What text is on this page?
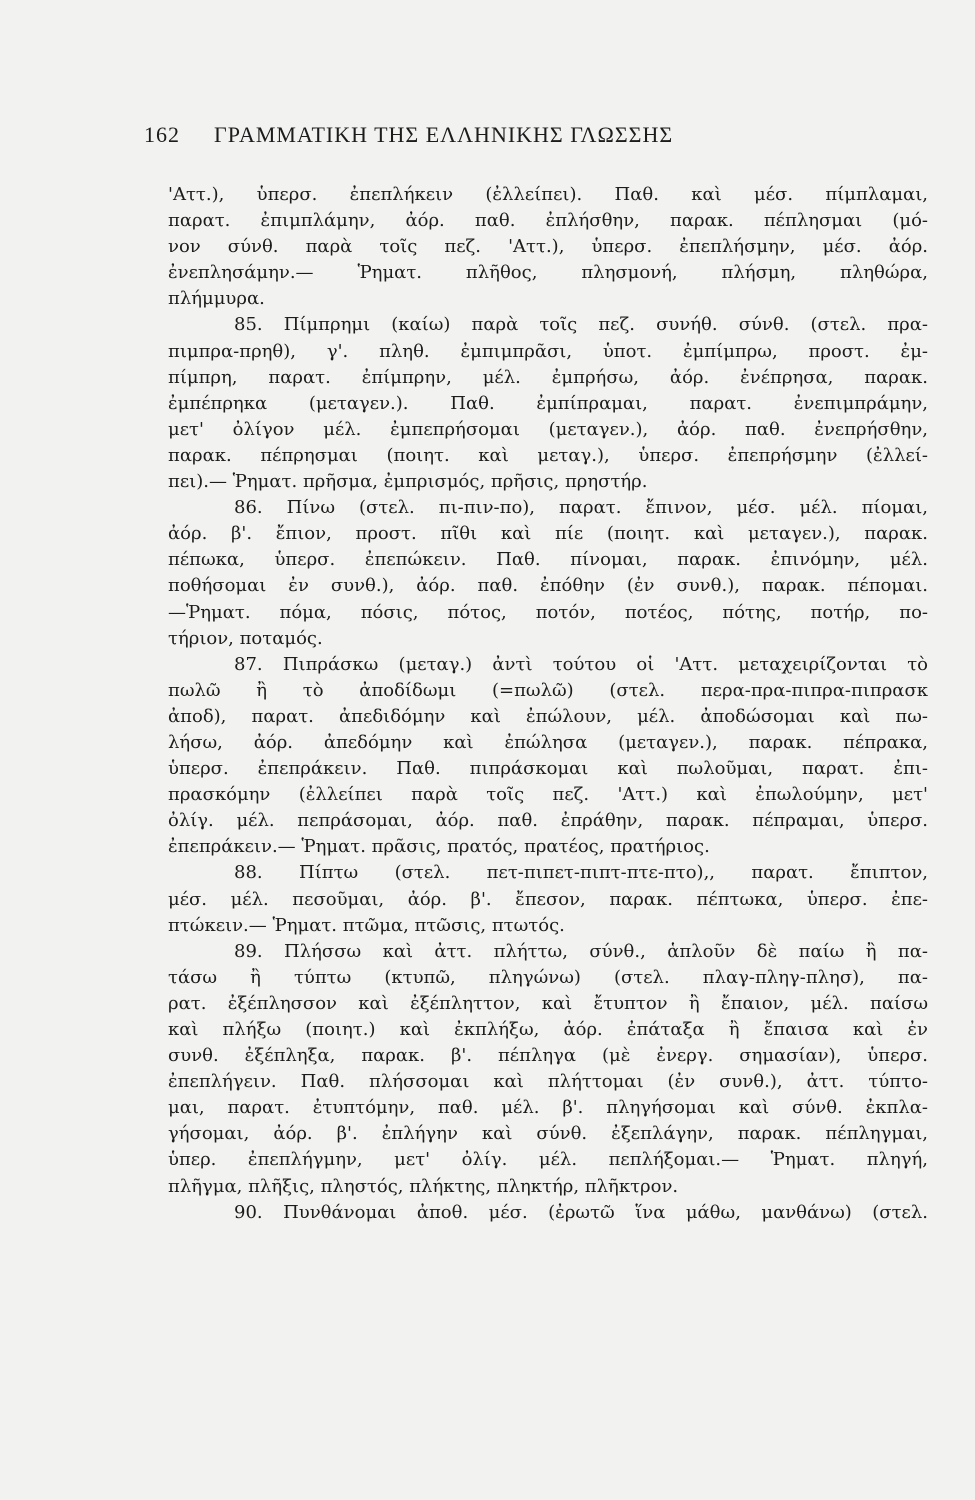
162 ΓΡΑΜΜΑΤΙΚΗ ΤΗΣ ΕΛΛΗΝΙΚΗΣ ΓΛΩΣΣΗΣ
'Αττ.), ὑπερσ. ἐπεπλήκειν (ἐλλείπει). Παθ. καὶ μέσ. πίμπλαμαι,
παρατ. ἐπιμπλάμην, ἀόρ. παθ. ἐπλήσθην, παρακ. πέπλησμαι (μό-
νον σύνθ. παρὰ τοῖς πεζ. 'Αττ.), ὑπερσ. ἐπεπλήσμην, μέσ. ἀόρ.
ἐνεπλησάμην.— Ῥηματ. πλῆθος, πλησμονή, πλήσμη, πληθώρα,
πλήμμυρα.
85. Πίμπρημι (καίω) παρὰ τοῖς πεζ. συνήθ. σύνθ. (στελ. πρα-
πιμπρα-πρηθ), γ'. πληθ. ἐμπιμπρᾶσι, ὑποτ. ἐμπίμπρω, προστ. ἐμ-
πίμπρη, παρατ. ἐπίμπρην, μέλ. ἐμπρήσω, ἀόρ. ἐνέπρησα, παρακ.
ἐμπέπρηκα (μεταγεν.). Παθ. ἐμπίπραμαι, παρατ. ἐνεπιμπράμην,
μετ' ὀλίγον μέλ. ἐμπεπρήσομαι (μεταγεν.), ἀόρ. παθ. ἐνεπρήσθην,
παρακ. πέπρησμαι (ποιητ. καὶ μεταγ.), ὑπερσ. ἐπεπρήσμην (ἐλλεί-
πει).— Ῥηματ. πρῆσμα, ἐμπρισμός, πρῆσις, πρηστήρ.
86. Πίνω (στελ. πι-πιν-πο), παρατ. ἔπινον, μέσ. μέλ. πίομαι,
ἀόρ. β'. ἔπιον, προστ. πῖθι καὶ πίε (ποιητ. καὶ μεταγεν.), παρακ.
πέπωκα, ὑπερσ. ἐπεπώκειν. Παθ. πίνομαι, παρακ. ἐπινόμην, μέλ.
ποθήσομαι ἐν συνθ.), ἀόρ. παθ. ἐπόθην (ἐν συνθ.), παρακ. πέπομαι.
—Ῥηματ. πόμα, πόσις, πότος, ποτόν, ποτέος, πότης, ποτήρ, πο-
τήριον, ποταμός.
87. Πιπράσκω (μεταγ.) ἀντὶ τούτου οἱ 'Αττ. μεταχειρίζονται τὸ
πωλῶ ἢ τὸ ἀποδίδωμι (=πωλῶ) (στελ. περα-πρα-πιπρα-πιπρασκ
ἀποδ), παρατ. ἀπεδιδόμην καὶ ἐπώλουν, μέλ. ἀποδώσομαι καὶ πω-
λήσω, ἀόρ. ἀπεδόμην καὶ ἐπώλησα (μεταγεν.), παρακ. πέπρακα,
ὑπερσ. ἐπεπράκειν. Παθ. πιπράσκομαι καὶ πωλοῦμαι, παρατ. ἐπι-
πρασκόμην (ἐλλείπει παρὰ τοῖς πεζ. 'Αττ.) καὶ ἐπωλούμην, μετ'
ὀλίγ. μέλ. πεπράσομαι, ἀόρ. παθ. ἐπράθην, παρακ. πέπραμαι, ὑπερσ.
ἐπεπράκειν.— Ῥηματ. πρᾶσις, πρατός, πρατέος, πρατήριος.
88. Πίπτω (στελ. πετ-πιπετ-πιπτ-πτε-πτο),, παρατ. ἔπιπτον,
μέσ. μέλ. πεσοῦμαι, ἀόρ. β'. ἔπεσον, παρακ. πέπτωκα, ὑπερσ. ἐπε-
πτώκειν.— Ῥηματ. πτῶμα, πτῶσις, πτωτός.
89. Πλήσσω καὶ ἀττ. πλήττω, σύνθ., ἁπλοῦν δὲ παίω ἢ πα-
τάσω ἢ τύπτω (κτυπῶ, πληγώνω) (στελ. πλαγ-πληγ-πλησ), πα-
ρατ. ἐξέπλησσον καὶ ἐξέπληττον, καὶ ἔτυπτον ἢ ἔπαιον, μέλ. παίσω
καὶ πλήξω (ποιητ.) καὶ ἐκπλήξω, ἀόρ. ἐπάταξα ἢ ἔπαισα καὶ ἐν
συνθ. ἐξέπληξα, παρακ. β'. πέπληγα (μὲ ἐνεργ. σημασίαν), ὑπερσ.
ἐπεπλήγειν. Παθ. πλήσσομαι καὶ πλήττομαι (ἐν συνθ.), ἀττ. τύπτο-
μαι, παρατ. ἐτυπτόμην, παθ. μέλ. β'. πληγήσομαι καὶ σύνθ. ἐκπλα-
γήσομαι, ἀόρ. β'. ἐπλήγην καὶ σύνθ. ἐξεπλάγην, παρακ. πέπληγμαι,
ὑπερ. ἐπεπλήγμην, μετ' ὀλίγ. μέλ. πεπλήξομαι.— Ῥηματ. πληγή,
πλῆγμα, πλῆξις, πληστός, πλήκτης, πληκτήρ, πλῆκτρον.
90. Πυνθάνομαι ἀποθ. μέσ. (ἐρωτῶ ἵνα μάθω, μανθάνω) (στελ.
